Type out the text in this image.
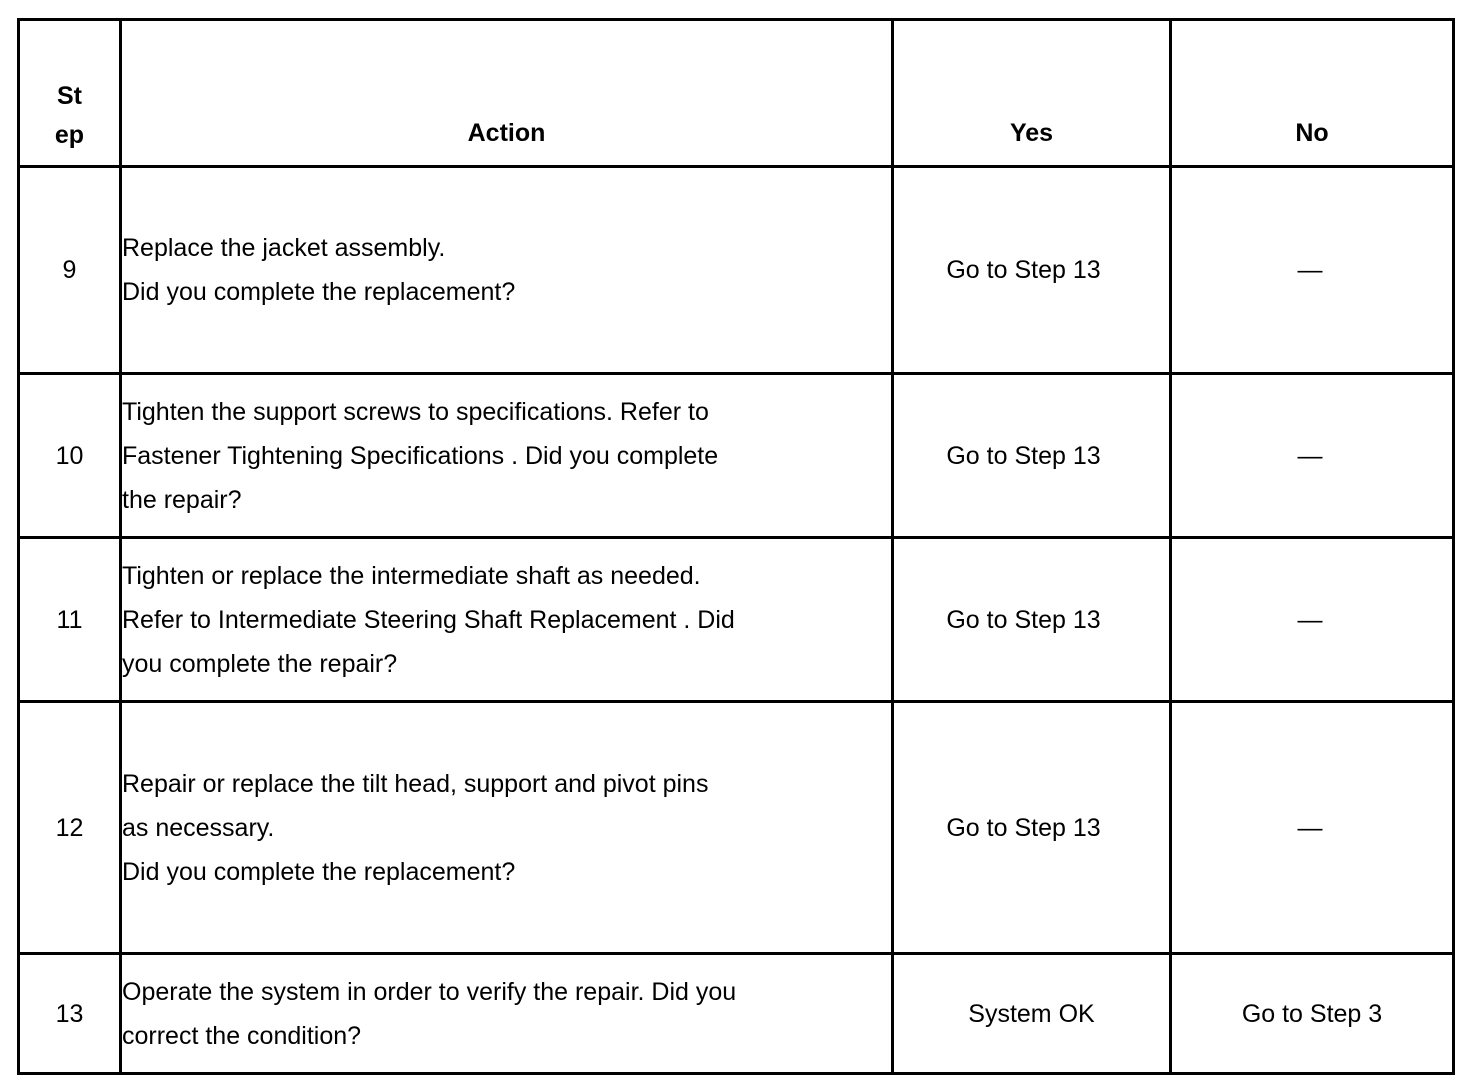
St
ep	Action	Yes	No
9	Replace the jacket assembly.
Did you complete the replacement?	Go to Step 13	—
10	Tighten the support screws to specifications. Refer to
Fastener Tightening Specifications . Did you complete
the repair?	Go to Step 13	—
11	Tighten or replace the intermediate shaft as needed.
Refer to Intermediate Steering Shaft Replacement . Did
you complete the repair?	Go to Step 13	—
12	Repair or replace the tilt head, support and pivot pins
as necessary.
Did you complete the replacement?	Go to Step 13	—
13	Operate the system in order to verify the repair. Did you
correct the condition?	System OK	Go to Step 3
